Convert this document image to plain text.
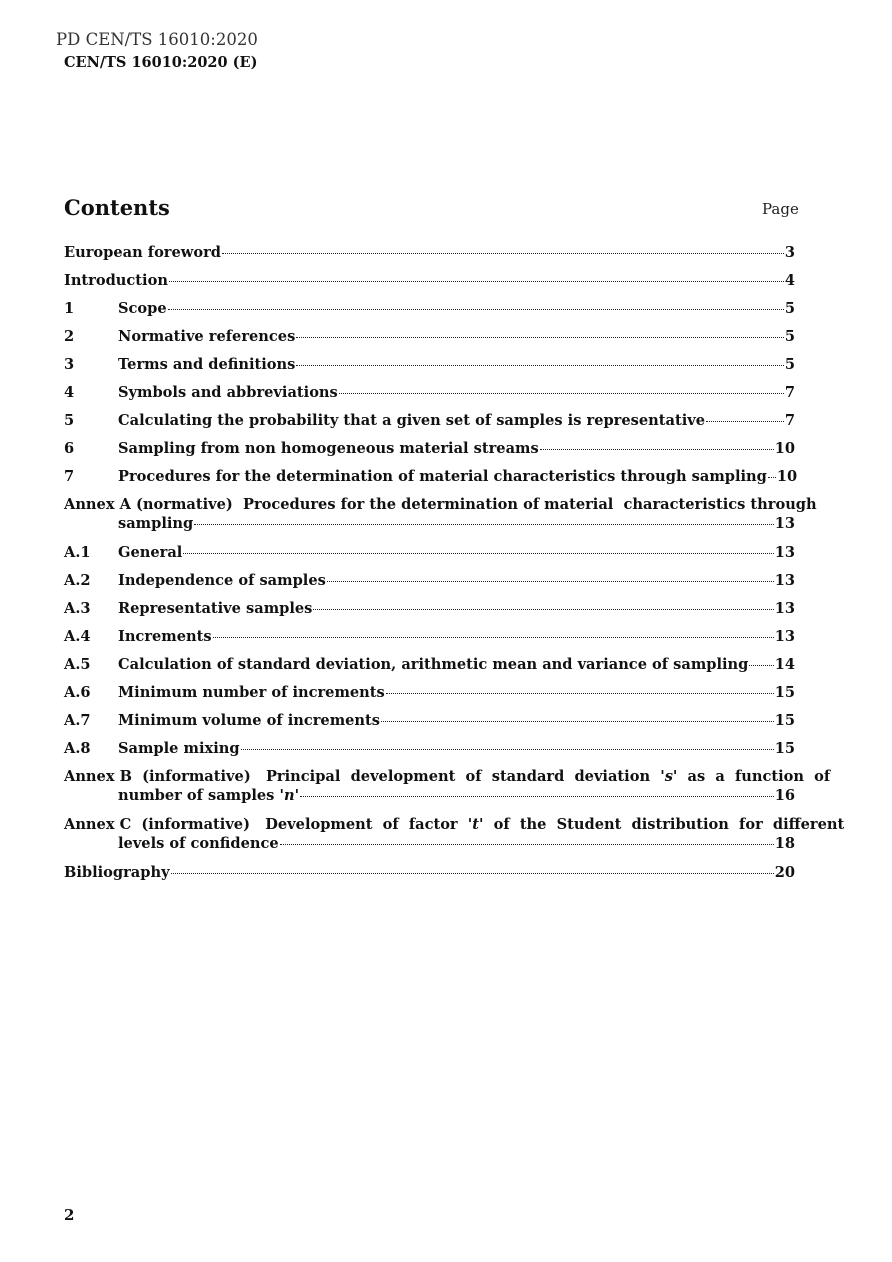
PD CEN/TS 16010:2020
CEN/TS 16010:2020 (E)
Contents	Page
European foreword	3
Introduction	4
1	Scope	5
2	Normative references	5
3	Terms and definitions	5
4	Symbols and abbreviations	7
5	Calculating the probability that a given set of samples is representative	7
6	Sampling from non homogeneous material streams	10
7	Procedures for the determination of material characteristics through sampling 10
Annex A (normative)  Procedures for the determination of material  characteristics through
sampling	13
A.1	General	13
A.2	Independence of samples	13
A.3	Representative samples	13
A.4	Increments	13
A.5	Calculation of standard deviation, arithmetic mean and variance of sampling 14
A.6	Minimum number of increments	15
A.7	Minimum volume of increments	15
A.8	Sample mixing	15
Annex B  (informative)   Principal  development  of  standard  deviation  's'  as  a  function  of
number of samples 'n'	16
Annex C  (informative)   Development  of  factor  't'  of  the  Student  distribution  for  different
levels of confidence	18
Bibliography	20
2
